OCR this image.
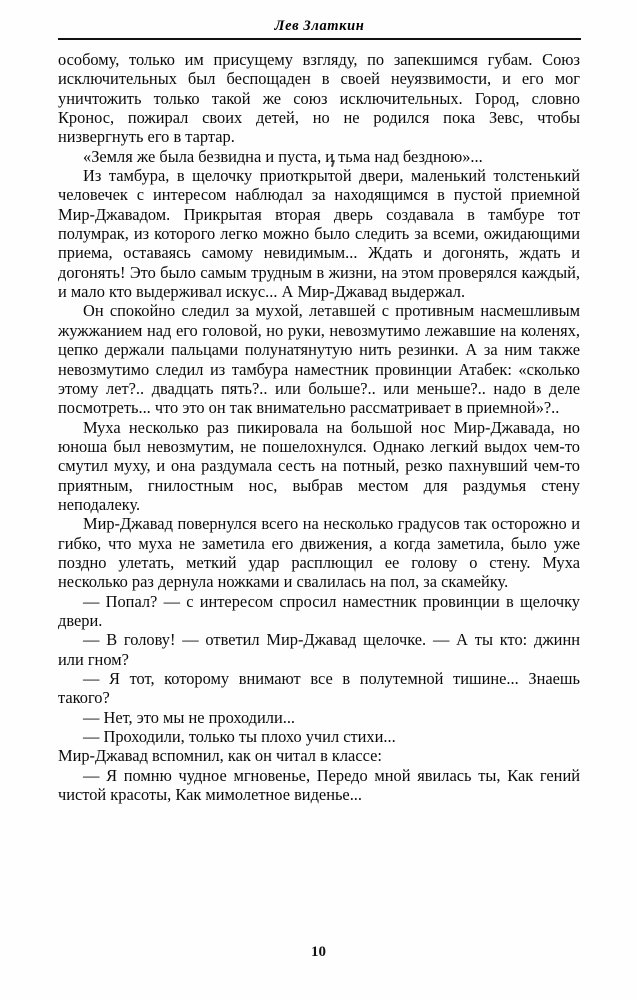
Лев Златкин

особому, только им присущему взгляду, по запекшимся губам. Союз исключительных был беспощаден в своей неуязвимости, и его мог уничтожить только такой же союз исключительных. Город, словно Кронос, пожирал своих детей, но не родился пока Зевс, чтобы низвергнуть его в тартар.

«Земля же была безвидна и пуста, и тьма над бездною»...

Из тамбура, в щелочку приоткрытой двери, маленький толстенький человечек с интересом наблюдал за находящимся в пустой приемной Мир-Джавадом. Прикрытая вторая дверь создавала в тамбуре тот полумрак, из которого легко можно было следить за всеми, ожидающими приема, оставаясь самому невидимым... Ждать и догонять, ждать и догонять! Это было самым трудным в жизни, на этом проверялся каждый, и мало кто выдерживал искус... А Мир-Джавад выдержал.

Он спокойно следил за мухой, летавшей с противным насмешливым жужжанием над его головой, но руки, невозмутимо лежавшие на коленях, цепко держали пальцами полунатянутую нить резинки. А за ним также невозмутимо следил из тамбура наместник провинции Атабек: «сколько этому лет?.. двадцать пять?.. или больше?.. или меньше?.. надо в деле посмотреть... что это он так внимательно рассматривает в приемной»?..

Муха несколько раз пикировала на большой нос Мир-Джавада, но юноша был невозмутим, не пошелохнулся. Однако легкий выдох чем-то смутил муху, и она раздумала сесть на потный, резко пахнувший чем-то приятным, гнилостным нос, выбрав местом для раздумья стену неподалеку.

Мир-Джавад повернулся всего на несколько градусов так осторожно и гибко, что муха не заметила его движения, а когда заметила, было уже поздно улетать, меткий удар расплющил ее голову о стену. Муха несколько раз дернула ножками и свалилась на пол, за скамейку.

— Попал? — с интересом спросил наместник провинции в щелочку двери.

— В голову! — ответил Мир-Джавад щелочке. — А ты кто: джинн или гном?

— Я тот, которому внимают все в полутемной тишине... Знаешь такого?

— Нет, это мы не проходили...

— Проходили, только ты плохо учил стихи...

Мир-Джавад вспомнил, как он читал в классе:

— Я помню чудное мгновенье, Передо мной явилась ты, Как гений чистой красоты, Как мимолетное виденье...

10
